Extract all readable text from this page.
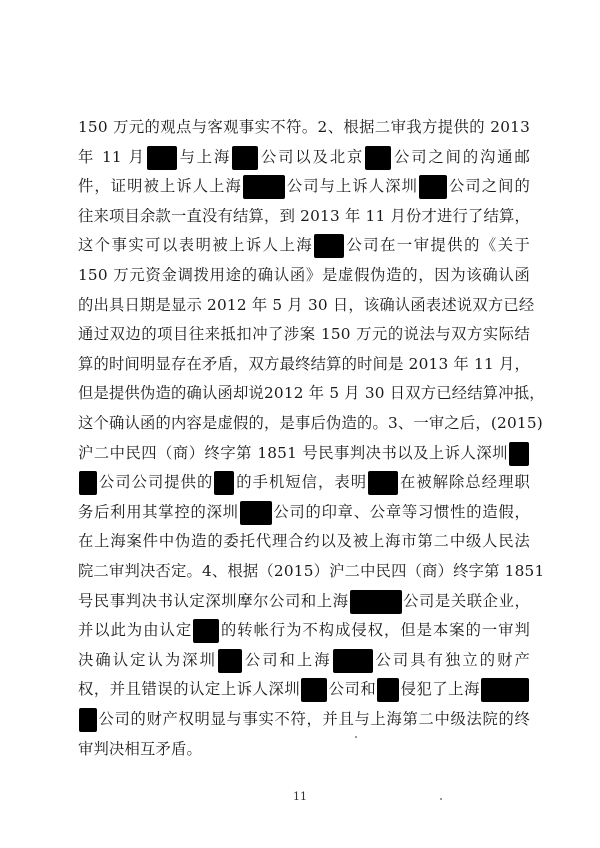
150 万元的观点与客观事实不符。2、根据二审我方提供的 2013
年 11 月 与上海 公司以及北京 公司之间的沟通邮
件，证明被上诉人上海	公司与上诉人深圳 公司之间的
往来项目余款一直没有结算，到 2013 年 11 月份才进行了结算，
这个事实可以表明被上诉人上海 公司在一审提供的《关于
150 万元资金调拨用途的确认函》是虚假伪造的，因为该确认函
的出具日期是显示 2012 年 5 月 30 日，该确认函表述说双方已经
通过双边的项目往来抵扣冲了涉案 150 万元的说法与双方实际结
算的时间明显存在矛盾，双方最终结算的时间是 2013 年 11 月，
但是提供伪造的确认函却说2012 年 5 月 30 日双方已经结算冲抵，
这个确认函的内容是虚假的，是事后伪造的。3、一审之后，(2015)
沪二中民四（商）终字第 1851 号民事判决书以及上诉人深圳
公司公司提供的 的手机短信，表明 在被解除总经理职
务后利用其掌控的深圳 公司的印章、公章等习惯性的造假，
在上海案件中伪造的委托代理合约以及被上海市第二中级人民法
院二审判决否定。4、根据（2015）沪二中民四（商）终字第 1851
号民事判决书认定深圳摩尔公司和上海	公司是关联企业，
并以此为由认定 的转帐行为不构成侵权，但是本案的一审判
决确认定认为深圳 公司和上海	公司具有独立的财产
权，并且错误的认定上诉人深圳 公司和 侵犯了上海
公司的财产权明显与事实不符，并且与上海第二中级法院的终
审判决相互矛盾。
11
